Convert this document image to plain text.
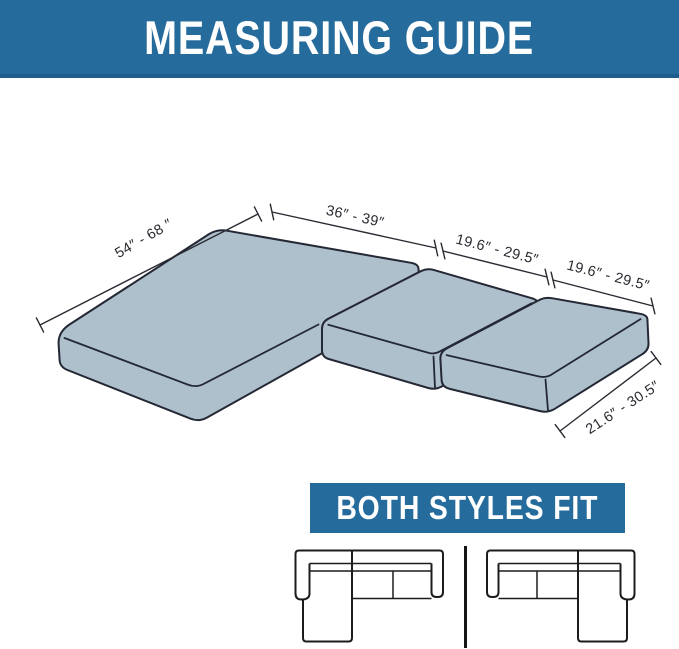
MEASURING GUIDE
54″ - 68 ″	36″ - 39″
19.6″ - 29.5″
19.6″ - 29.5″
21.6″ - 30.5″
BOTH STYLES FIT
